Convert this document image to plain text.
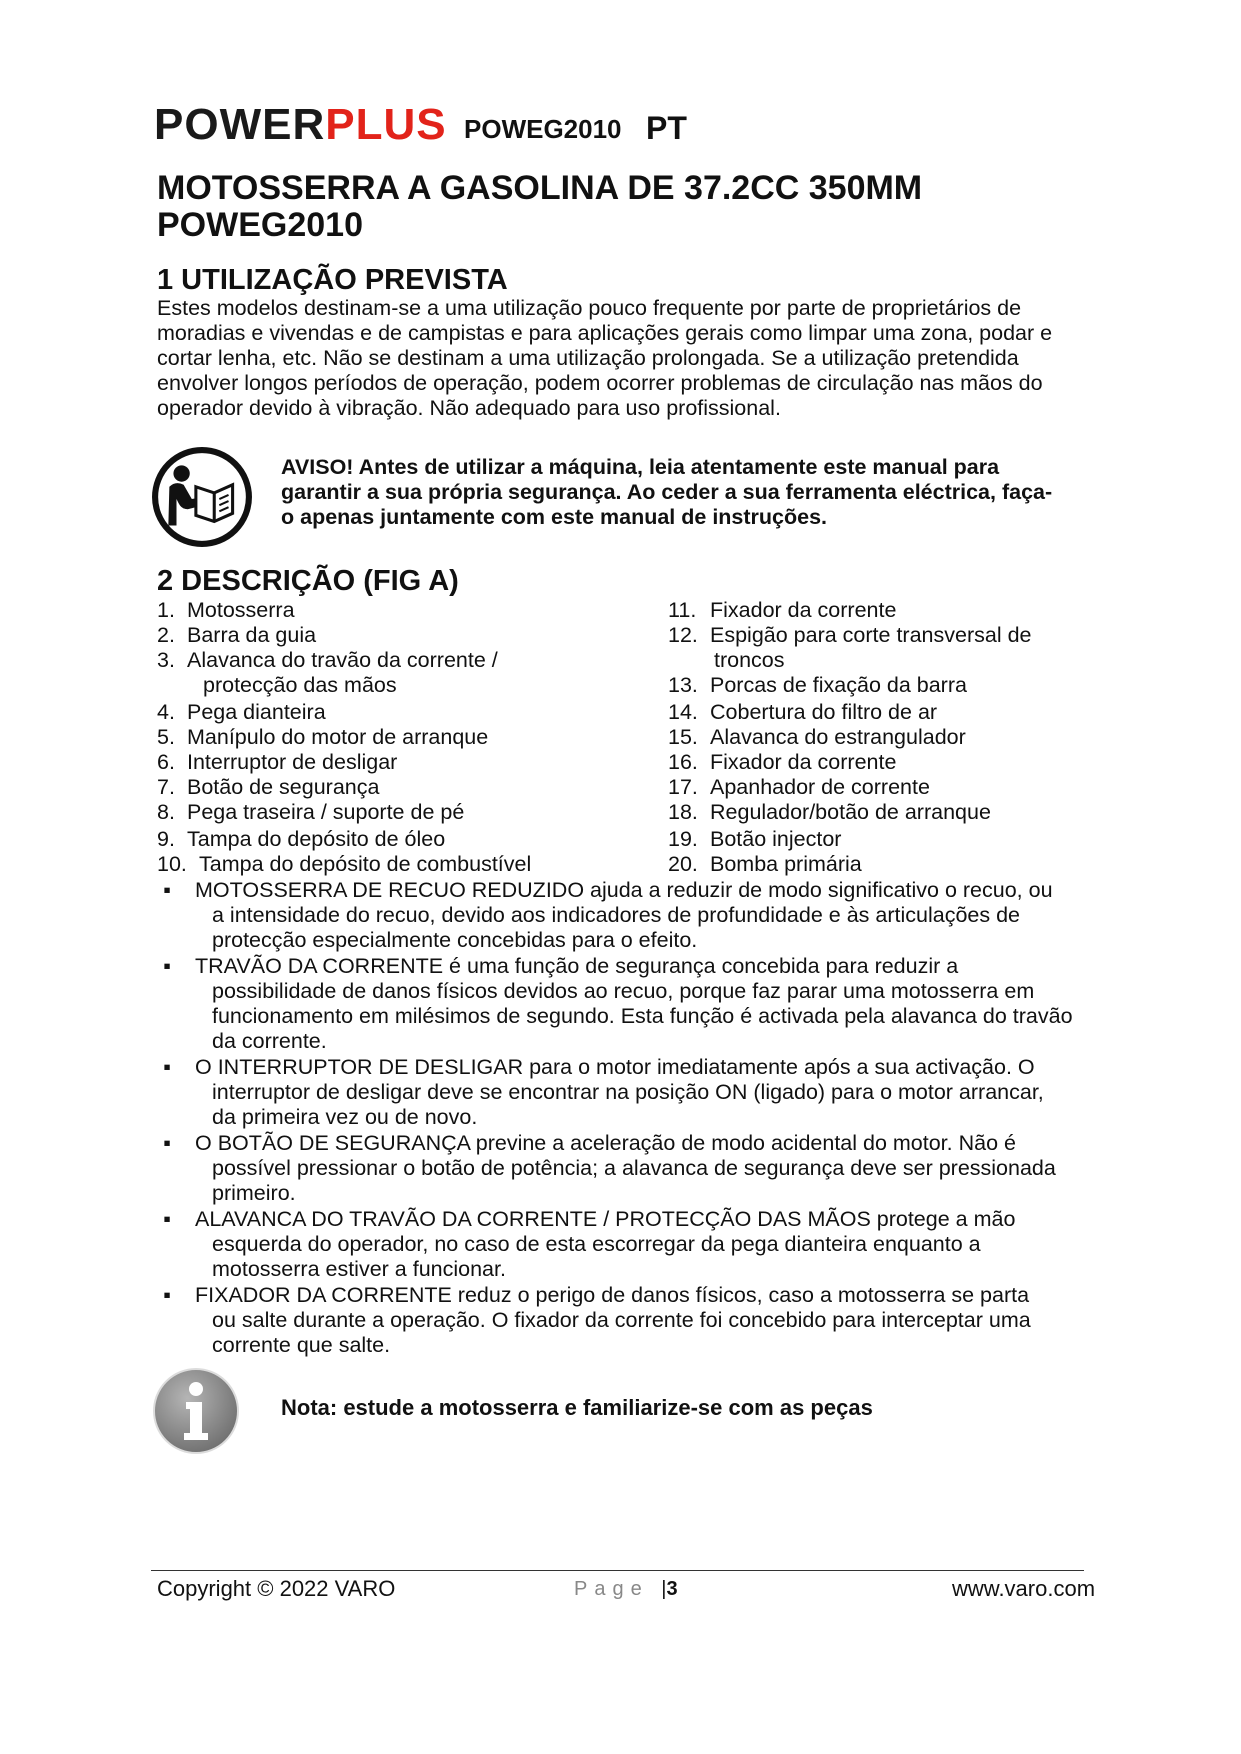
POWERPLUS POWEG2010 PT
MOTOSSERRA A GASOLINA DE 37.2CC 350MM
POWEG2010
1 UTILIZAÇÃO PREVISTA
Estes modelos destinam-se a uma utilização pouco frequente por parte de proprietários de
moradias e vivendas e de campistas e para aplicações gerais como limpar uma zona, podar e
cortar lenha, etc. Não se destinam a uma utilização prolongada. Se a utilização pretendida
envolver longos períodos de operação, podem ocorrer problemas de circulação nas mãos do
operador devido à vibração. Não adequado para uso profissional.
AVISO! Antes de utilizar a máquina, leia atentamente este manual para
garantir a sua própria segurança. Ao ceder a sua ferramenta eléctrica, faça-
o apenas juntamente com este manual de instruções.
2 DESCRIÇÃO (FIG A)
1. Motosserra
2. Barra da guia
3. Alavanca do travão da corrente /
protecção das mãos
4. Pega dianteira
5. Manípulo do motor de arranque
6. Interruptor de desligar
7. Botão de segurança
8. Pega traseira / suporte de pé
9. Tampa do depósito de óleo
10. Tampa do depósito de combustível
11. Fixador da corrente
12. Espigão para corte transversal de
troncos
13. Porcas de fixação da barra
14. Cobertura do filtro de ar
15. Alavanca do estrangulador
16. Fixador da corrente
17. Apanhador de corrente
18. Regulador/botão de arranque
19. Botão injector
20. Bomba primária
▪ MOTOSSERRA DE RECUO REDUZIDO ajuda a reduzir de modo significativo o recuo, ou
a intensidade do recuo, devido aos indicadores de profundidade e às articulações de
protecção especialmente concebidas para o efeito.
▪ TRAVÃO DA CORRENTE é uma função de segurança concebida para reduzir a
possibilidade de danos físicos devidos ao recuo, porque faz parar uma motosserra em
funcionamento em milésimos de segundo. Esta função é activada pela alavanca do travão
da corrente.
▪ O INTERRUPTOR DE DESLIGAR para o motor imediatamente após a sua activação. O
interruptor de desligar deve se encontrar na posição ON (ligado) para o motor arrancar,
da primeira vez ou de novo.
▪ O BOTÃO DE SEGURANÇA previne a aceleração de modo acidental do motor. Não é
possível pressionar o botão de potência; a alavanca de segurança deve ser pressionada
primeiro.
▪ ALAVANCA DO TRAVÃO DA CORRENTE / PROTECÇÃO DAS MÃOS protege a mão
esquerda do operador, no caso de esta escorregar da pega dianteira enquanto a
motosserra estiver a funcionar.
▪ FIXADOR DA CORRENTE reduz o perigo de danos físicos, caso a motosserra se parta
ou salte durante a operação. O fixador da corrente foi concebido para interceptar uma
corrente que salte.
Nota: estude a motosserra e familiarize-se com as peças
Copyright © 2022 VARO	Page |3	www.varo.com
